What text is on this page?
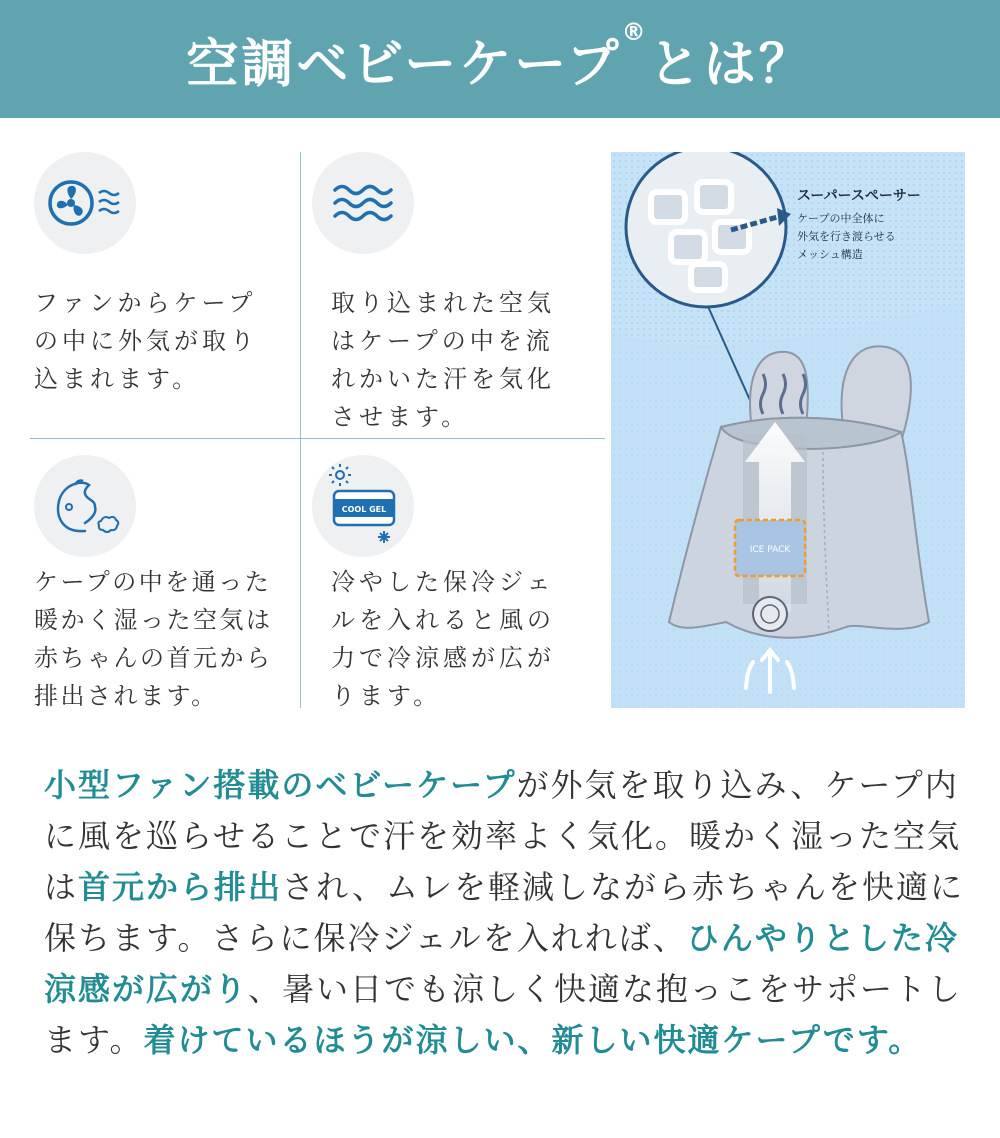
空調ベビーケープ®とは？
ファンからケープ
の中に外気が取り
込まれます。
取り込まれた空気
はケープの中を流
れかいた汗を気化
させます。
ケープの中を通った
暖かく湿った空気は
赤ちゃんの首元から
排出されます。
COOL GEL
冷やした保冷ジェ
ルを入れると風の
力で冷涼感が広が
ります。
ICE PACK
スーパースペーサー
ケープの中全体に
外気を行き渡らせる
メッシュ構造
小型ファン搭載のベビーケープが外気を取り込み、ケープ内に風を巡らせることで汗を効率よく気化。暖かく湿った空気は首元から排出され、ムレを軽減しながら赤ちゃんを快適に保ちます。さらに保冷ジェルを入れれば、ひんやりとした冷涼感が広がり、暑い日でも涼しく快適な抱っこをサポートします。着けているほうが涼しい、新しい快適ケープです。
